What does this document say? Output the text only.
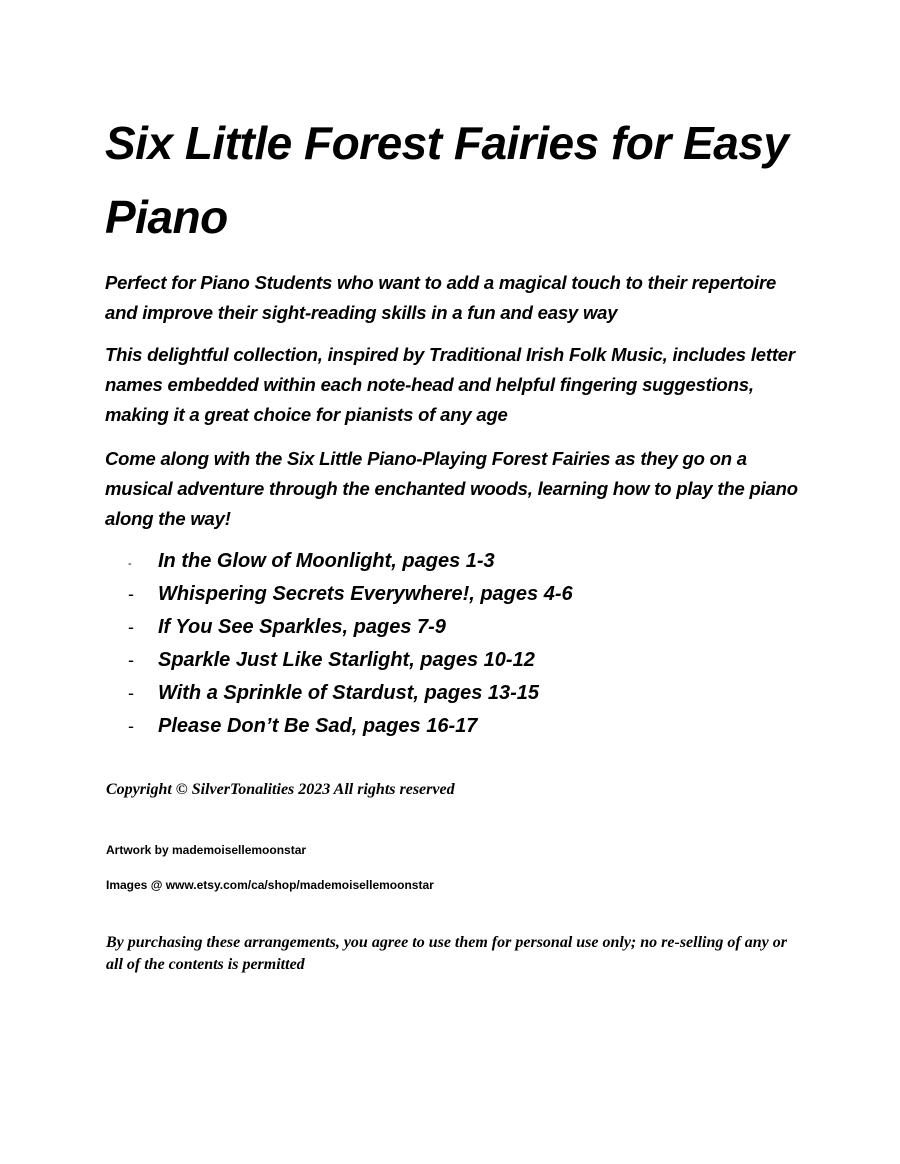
Six Little Forest Fairies for Easy Piano

Perfect for Piano Students who want to add a magical touch to their repertoire and improve their sight-reading skills in a fun and easy way

This delightful collection, inspired by Traditional Irish Folk Music, includes letter names embedded within each note-head and helpful fingering suggestions, making it a great choice for pianists of any age

Come along with the Six Little Piano-Playing Forest Fairies as they go on a musical adventure through the enchanted woods, learning how to play the piano along the way!

-	In the Glow of Moonlight, pages 1-3
-	Whispering Secrets Everywhere!, pages 4-6
-	If You See Sparkles, pages 7-9
-	Sparkle Just Like Starlight, pages 10-12
-	With a Sprinkle of Stardust, pages 13-15
-	Please Don’t Be Sad, pages 16-17

Copyright © SilverTonalities 2023 All rights reserved

Artwork by mademoisellemoonstar

Images @ www.etsy.com/ca/shop/mademoisellemoonstar

By purchasing these arrangements, you agree to use them for personal use only; no re-selling of any or all of the contents is permitted
